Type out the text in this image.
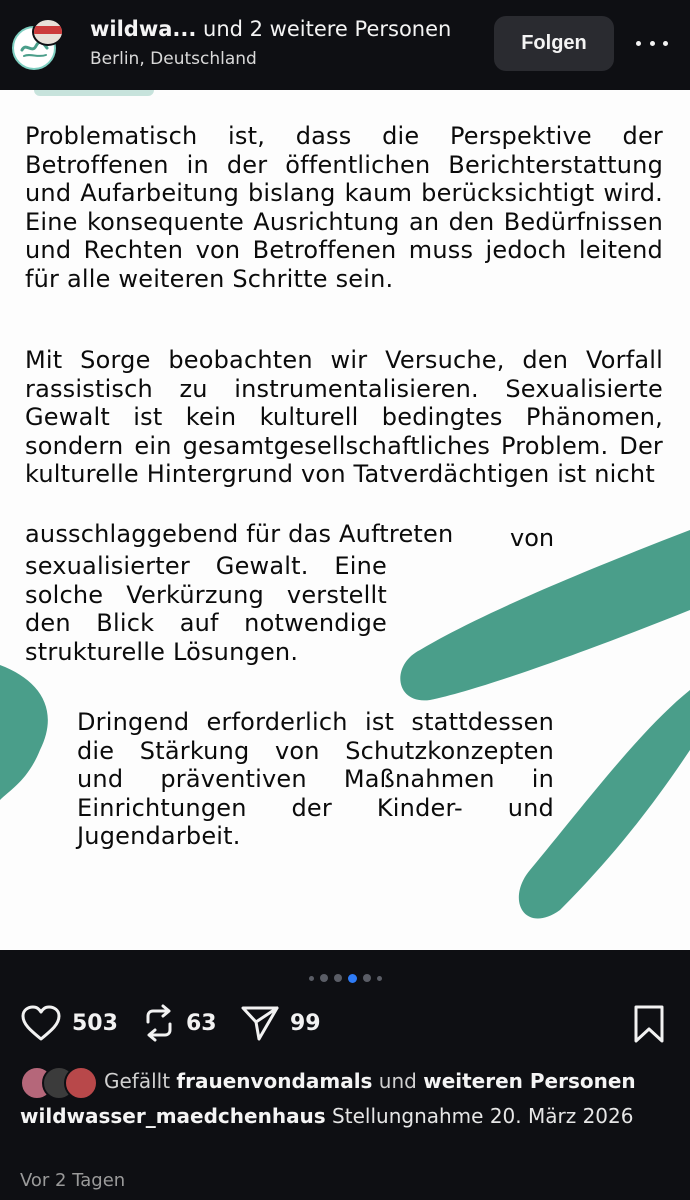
wildwa... und 2 weitere Personen
Berlin, Deutschland
Folgen
Problematisch ist, dass die Perspektive der Betroffenen in der öffentlichen Berichterstattung und Aufarbeitung bislang kaum berücksichtigt wird. Eine konsequente Ausrichtung an den Bedürfnissen und Rechten von Betroffenen muss jedoch leitend für alle weiteren Schritte sein.
Mit Sorge beobachten wir Versuche, den Vorfall rassistisch zu instrumentalisieren. Sexualisierte Gewalt ist kein kulturell bedingtes Phänomen, sondern ein gesamtgesellschaftliches Problem. Der kulturelle Hintergrund von Tatverdächtigen ist nicht
ausschlaggebend für das Auftreten	von
sexualisierter Gewalt. Eine solche Verkürzung verstellt den Blick auf notwendige strukturelle Lösungen.
Dringend erforderlich ist stattdessen die Stärkung von Schutzkonzepten und präventiven Maßnahmen in Einrichtungen der Kinder- und Jugendarbeit.
503	63	99
Gefällt frauenvondamals und weiteren Personen
wildwasser_maedchenhaus Stellungnahme 20. März 2026
Vor 2 Tagen
